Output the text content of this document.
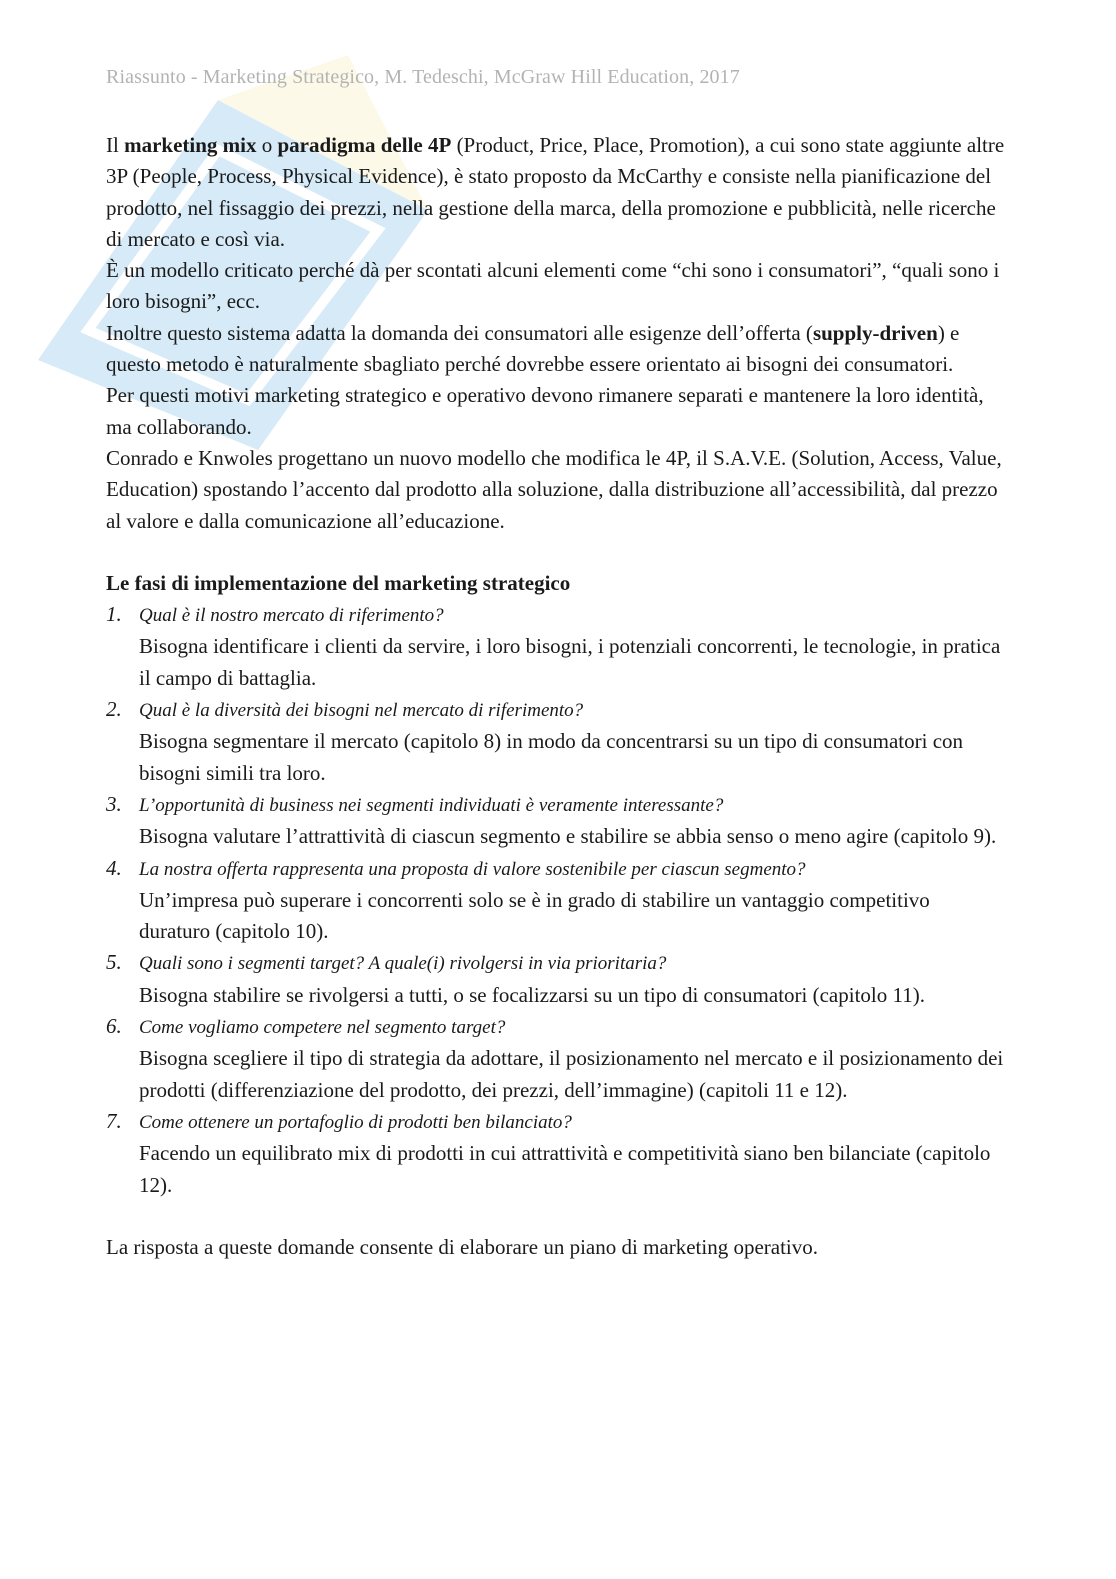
Riassunto - Marketing Strategico, M. Tedeschi, McGraw Hill Education, 2017

Il marketing mix o paradigma delle 4P (Product, Price, Place, Promotion), a cui sono state aggiunte altre 3P (People, Process, Physical Evidence), è stato proposto da McCarthy e consiste nella pianificazione del prodotto, nel fissaggio dei prezzi, nella gestione della marca, della promozione e pubblicità, nelle ricerche di mercato e così via.

È un modello criticato perché dà per scontati alcuni elementi come “chi sono i consumatori”, “quali sono i loro bisogni”, ecc.

Inoltre questo sistema adatta la domanda dei consumatori alle esigenze dell’offerta (supply-driven) e questo metodo è naturalmente sbagliato perché dovrebbe essere orientato ai bisogni dei consumatori.

Per questi motivi marketing strategico e operativo devono rimanere separati e mantenere la loro identità, ma collaborando.

Conrado e Knwoles progettano un nuovo modello che modifica le 4P, il S.A.V.E. (Solution, Access, Value, Education) spostando l’accento dal prodotto alla soluzione, dalla distribuzione all’accessibilità, dal prezzo al valore e dalla comunicazione all’educazione.

Le fasi di implementazione del marketing strategico

1. Qual è il nostro mercato di riferimento?
Bisogna identificare i clienti da servire, i loro bisogni, i potenziali concorrenti, le tecnologie, in pratica il campo di battaglia.
2. Qual è la diversità dei bisogni nel mercato di riferimento?
Bisogna segmentare il mercato (capitolo 8) in modo da concentrarsi su un tipo di consumatori con bisogni simili tra loro.
3. L’opportunità di business nei segmenti individuati è veramente interessante?
Bisogna valutare l’attrattività di ciascun segmento e stabilire se abbia senso o meno agire (capitolo 9).
4. La nostra offerta rappresenta una proposta di valore sostenibile per ciascun segmento?
Un’impresa può superare i concorrenti solo se è in grado di stabilire un vantaggio competitivo duraturo (capitolo 10).
5. Quali sono i segmenti target? A quale(i) rivolgersi in via prioritaria?
Bisogna stabilire se rivolgersi a tutti, o se focalizzarsi su un tipo di consumatori (capitolo 11).
6. Come vogliamo competere nel segmento target?
Bisogna scegliere il tipo di strategia da adottare, il posizionamento nel mercato e il posizionamento dei prodotti (differenziazione del prodotto, dei prezzi, dell’immagine) (capitoli 11 e 12).
7. Come ottenere un portafoglio di prodotti ben bilanciato?
Facendo un equilibrato mix di prodotti in cui attrattività e competitività siano ben bilanciate (capitolo 12).

La risposta a queste domande consente di elaborare un piano di marketing operativo.
